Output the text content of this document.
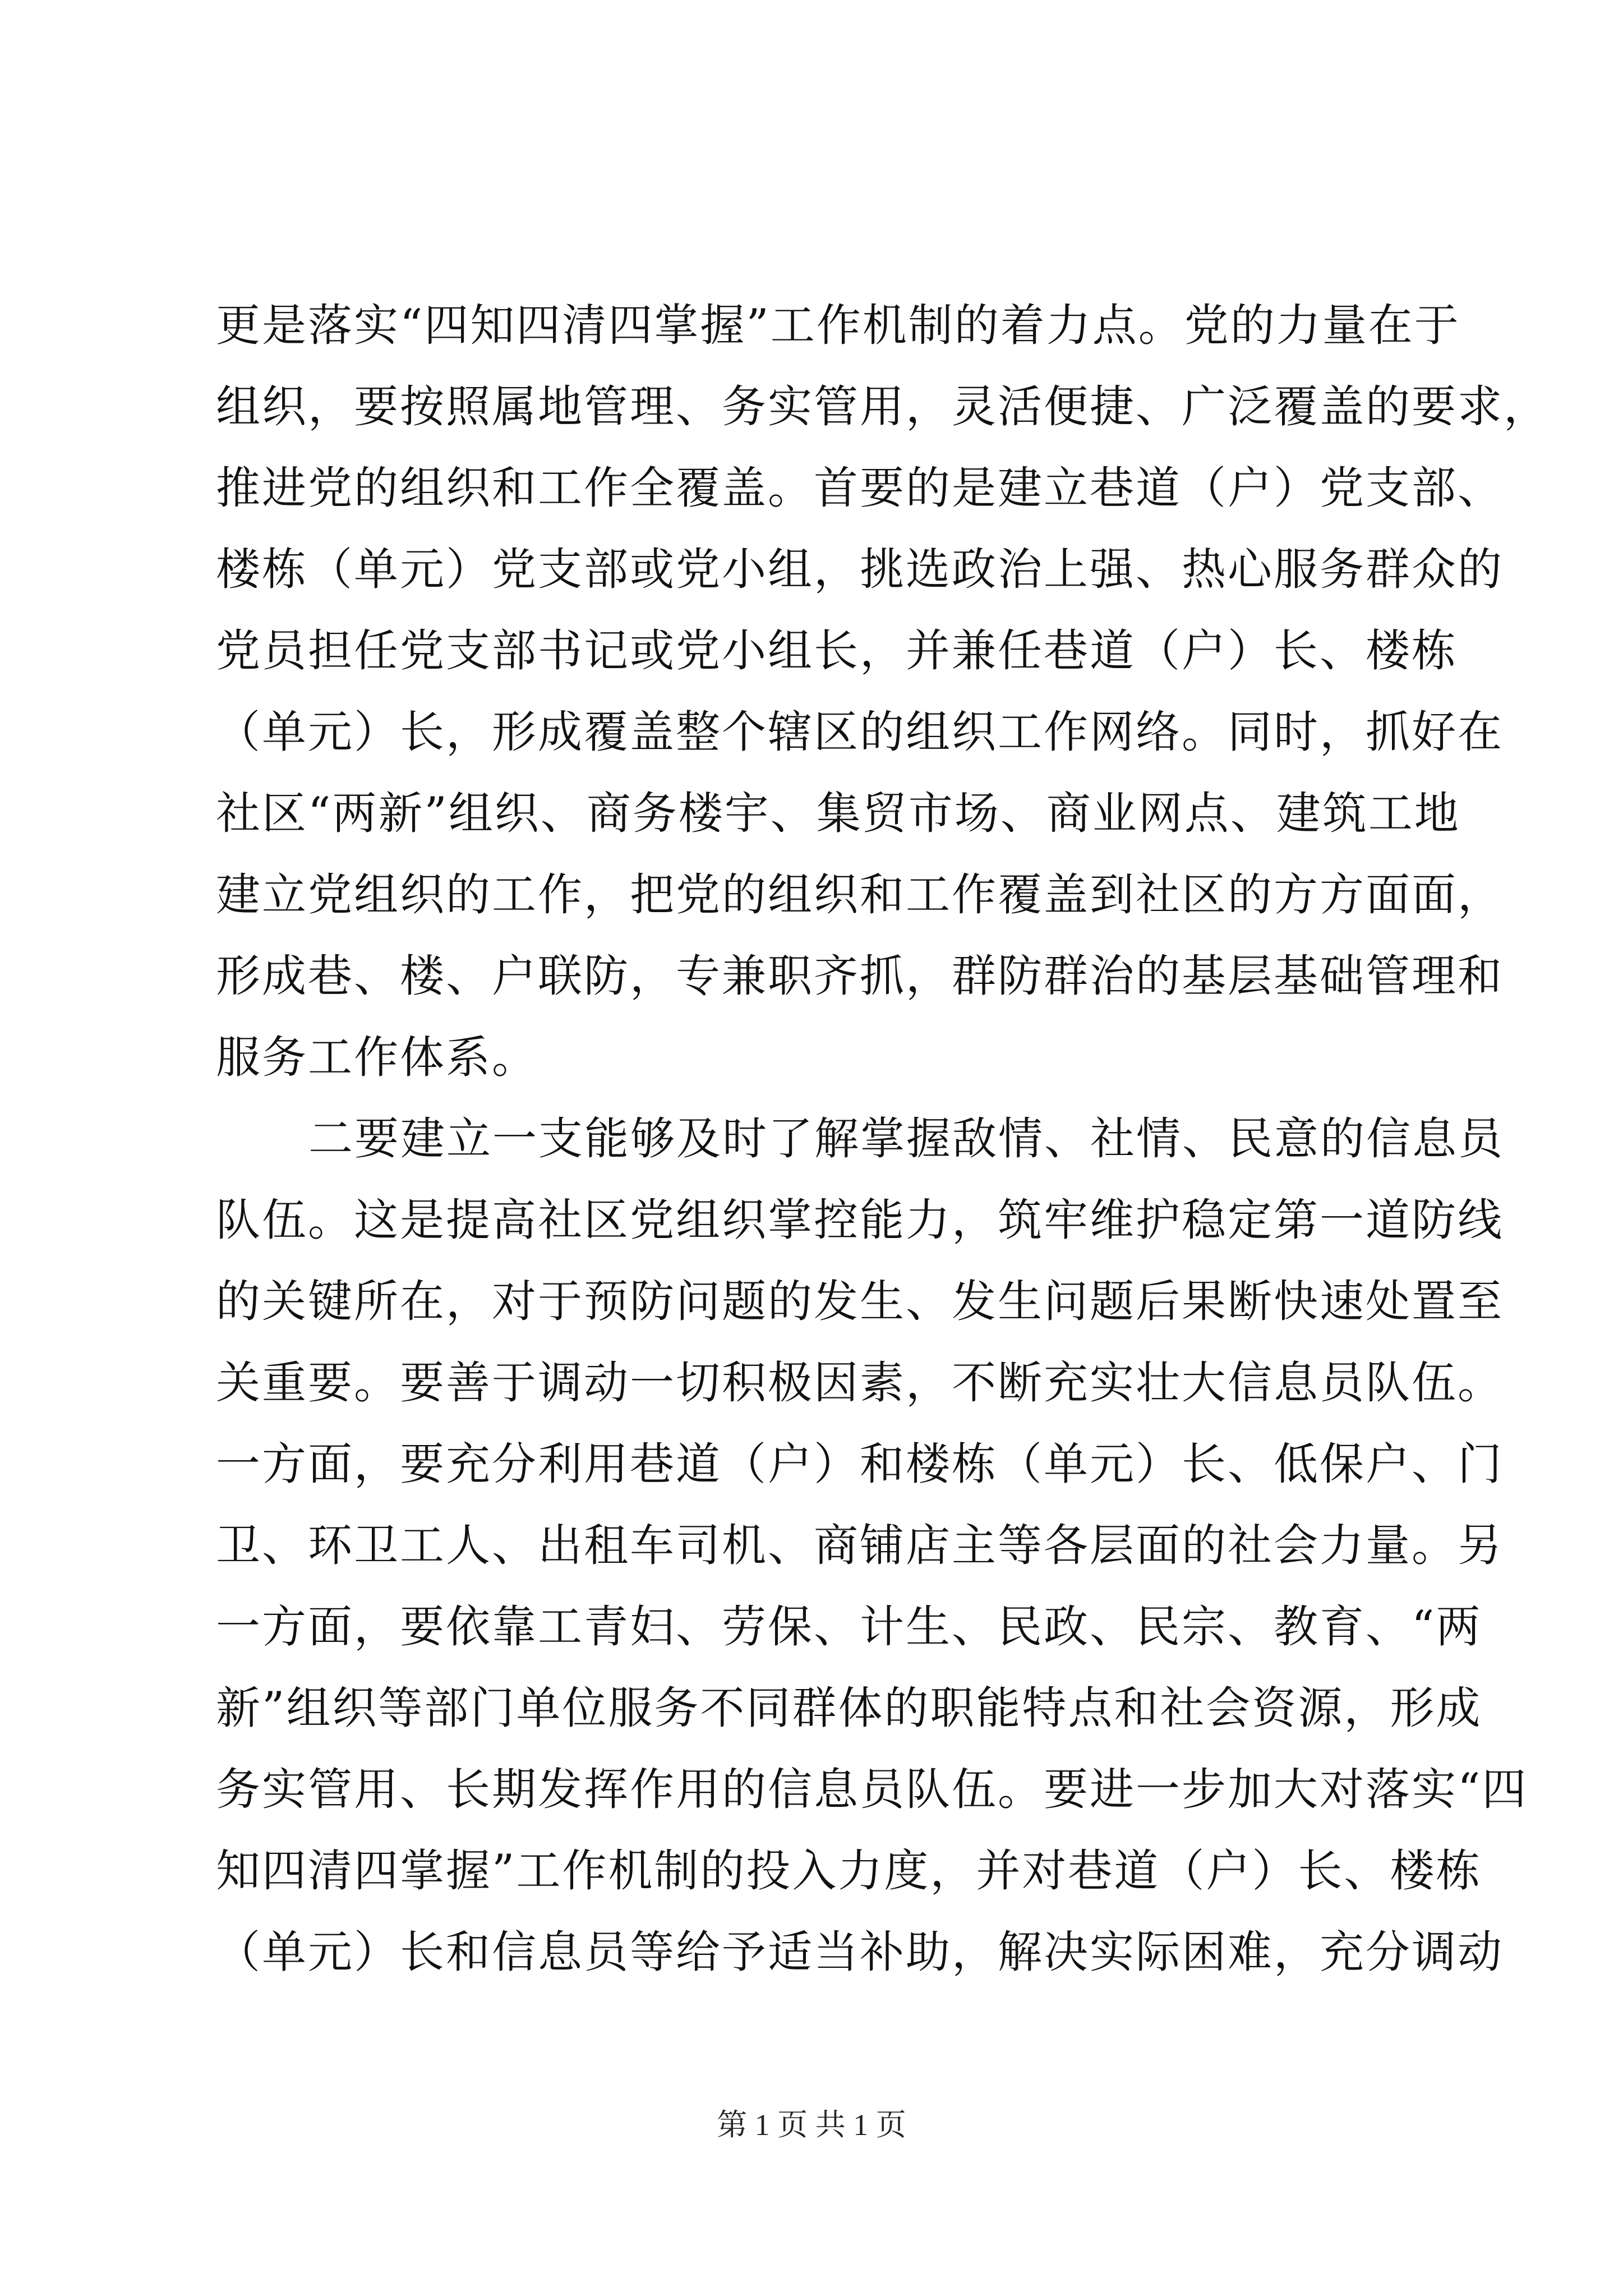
更是落实“四知四清四掌握”工作机制的着力点。党的力量在于
组织，要按照属地管理、务实管用，灵活便捷、广泛覆盖的要求，
推进党的组织和工作全覆盖。首要的是建立巷道（户）党支部、
楼栋（单元）党支部或党小组，挑选政治上强、热心服务群众的
党员担任党支部书记或党小组长，并兼任巷道（户）长、楼栋
（单元）长，形成覆盖整个辖区的组织工作网络。同时，抓好在
社区“两新”组织、商务楼宇、集贸市场、商业网点、建筑工地
建立党组织的工作，把党的组织和工作覆盖到社区的方方面面，
形成巷、楼、户联防，专兼职齐抓，群防群治的基层基础管理和
服务工作体系。
二要建立一支能够及时了解掌握敌情、社情、民意的信息员
队伍。这是提高社区党组织掌控能力，筑牢维护稳定第一道防线
的关键所在，对于预防问题的发生、发生问题后果断快速处置至
关重要。要善于调动一切积极因素，不断充实壮大信息员队伍。
一方面，要充分利用巷道（户）和楼栋（单元）长、低保户、门
卫、环卫工人、出租车司机、商铺店主等各层面的社会力量。另
一方面，要依靠工青妇、劳保、计生、民政、民宗、教育、“两
新”组织等部门单位服务不同群体的职能特点和社会资源，形成
务实管用、长期发挥作用的信息员队伍。要进一步加大对落实“四
知四清四掌握”工作机制的投入力度，并对巷道（户）长、楼栋
（单元）长和信息员等给予适当补助，解决实际困难，充分调动
第 1 页 共 1 页
